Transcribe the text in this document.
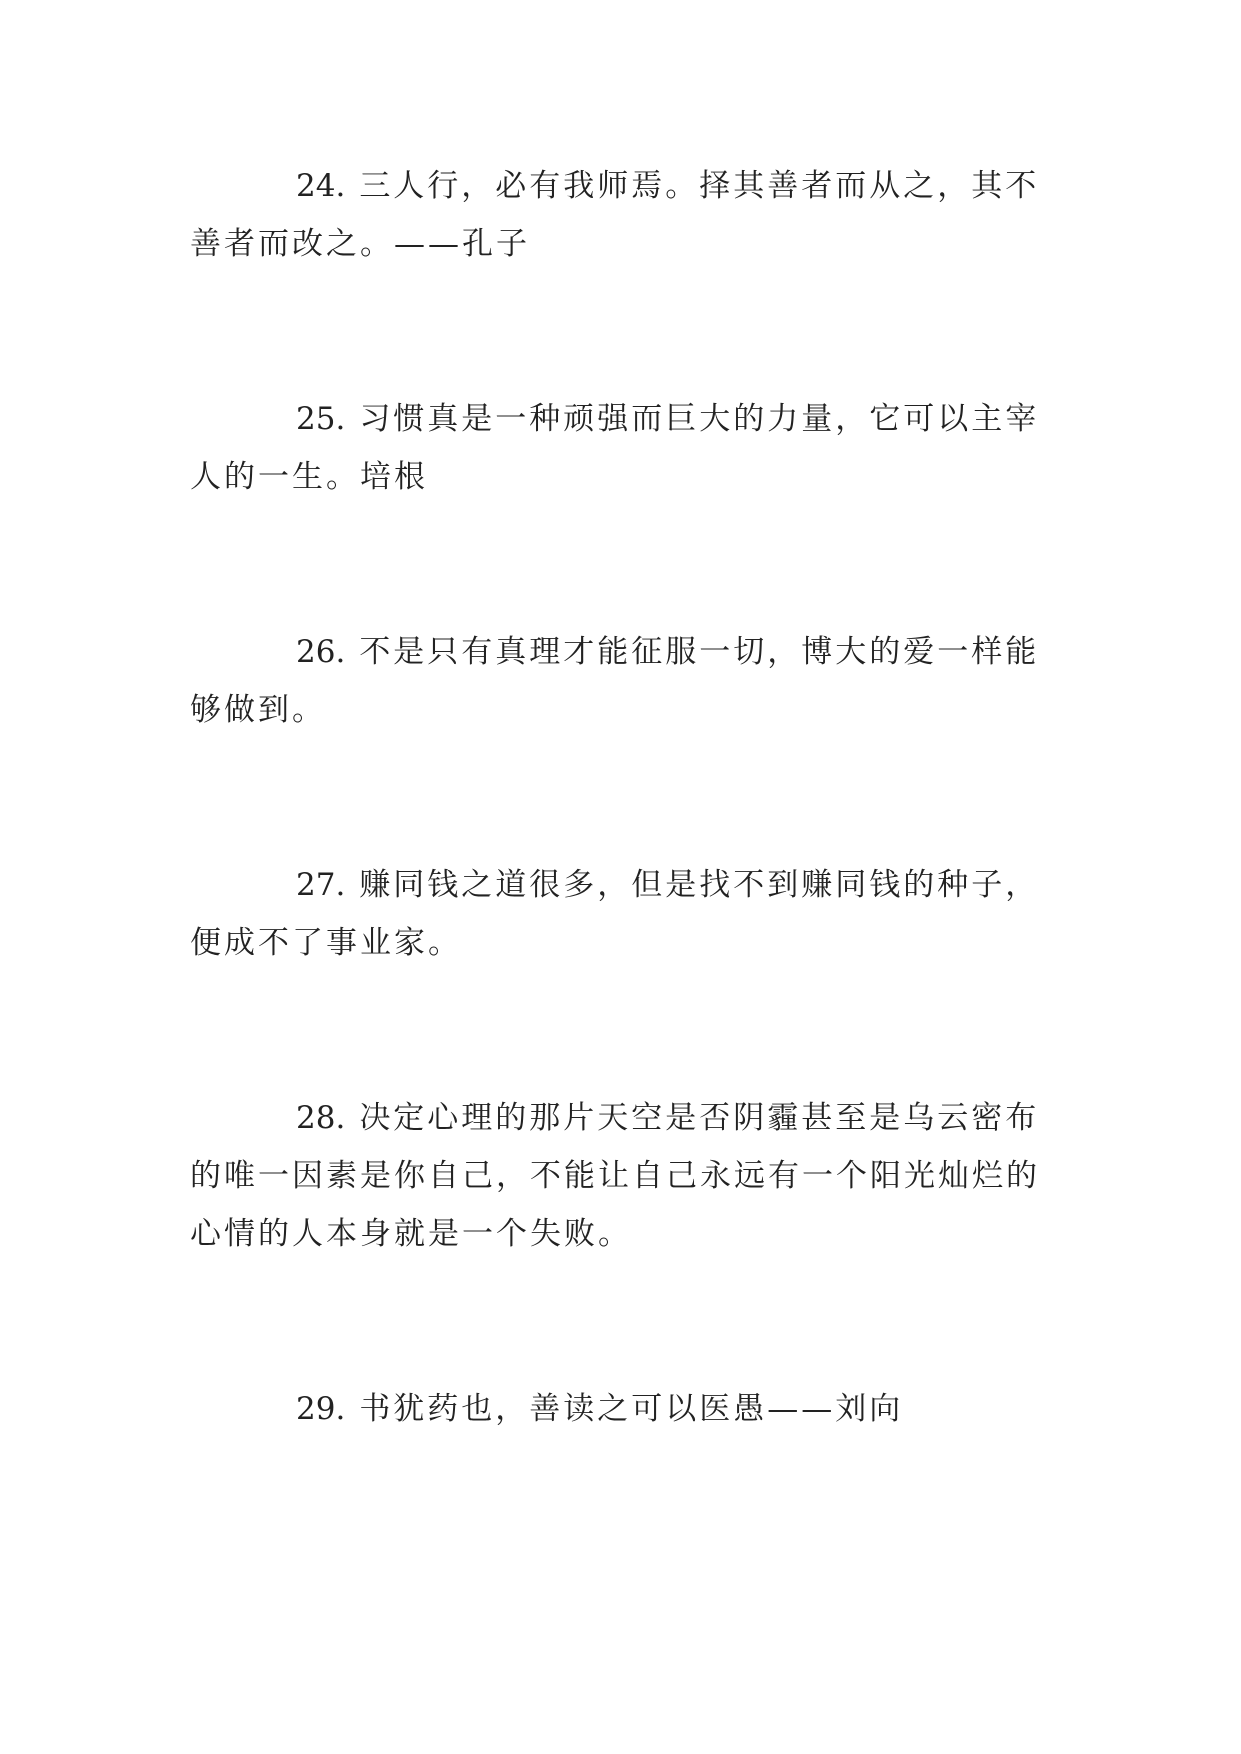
24. 三人行，必有我师焉。择其善者而从之，其不善者而改之。——孔子

25. 习惯真是一种顽强而巨大的力量，它可以主宰人的一生。培根

26. 不是只有真理才能征服一切，博大的爱一样能够做到。

27. 赚同钱之道很多，但是找不到赚同钱的种子，便成不了事业家。

28. 决定心理的那片天空是否阴霾甚至是乌云密布的唯一因素是你自己，不能让自己永远有一个阳光灿烂的心情的人本身就是一个失败。

29. 书犹药也，善读之可以医愚——刘向
